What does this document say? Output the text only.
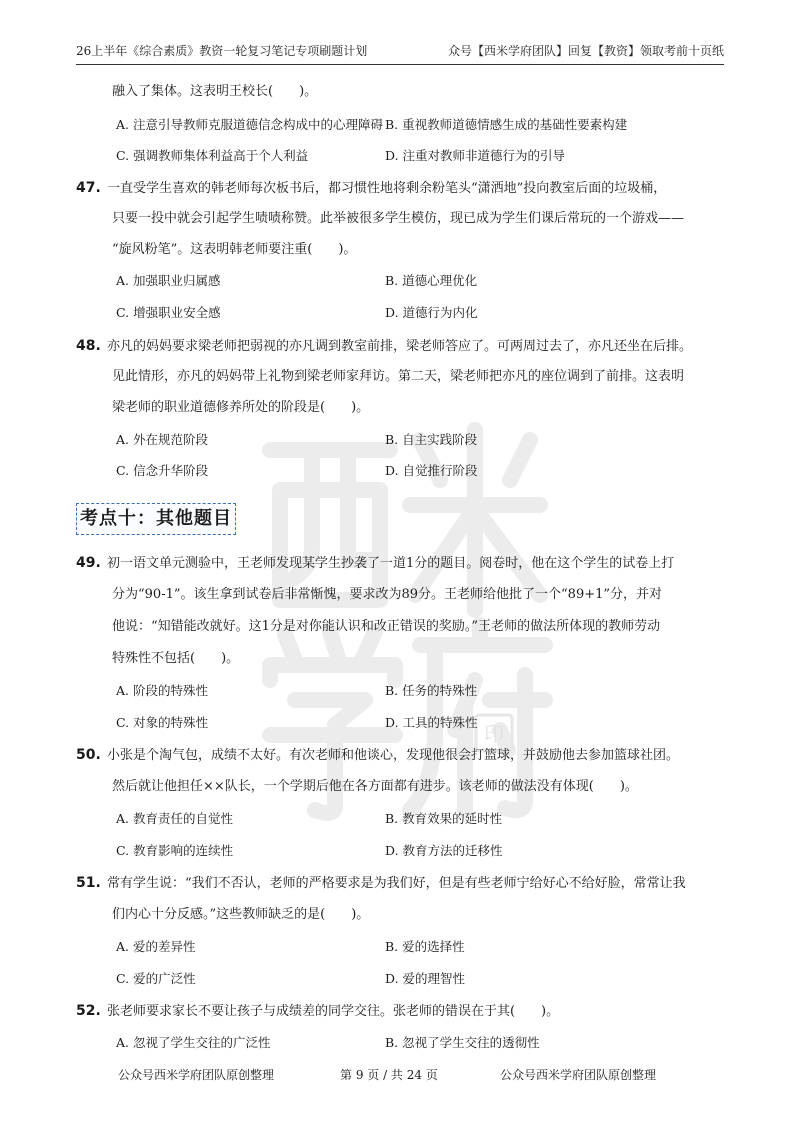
26上半年《综合素质》教资一轮复习笔记专项刷题计划	众号【西米学府团队】回复【教资】领取考前十页纸
印
融入了集体。这表明王校长(　　)。
A. 注意引导教师克服道德信念构成中的心理障碍 B. 重视教师道德情感生成的基础性要素构建
C. 强调教师集体利益高于个人利益	D. 注重对教师非道德行为的引导
47. 一直受学生喜欢的韩老师每次板书后，都习惯性地将剩余粉笔头“潇洒地”投向教室后面的垃圾桶，
只要一投中就会引起学生啧啧称赞。此举被很多学生模仿，现已成为学生们课后常玩的一个游戏——
“旋风粉笔”。这表明韩老师要注重(　　)。
A. 加强职业归属感	B. 道德心理优化
C. 增强职业安全感	D. 道德行为内化
48. 亦凡的妈妈要求梁老师把弱视的亦凡调到教室前排，梁老师答应了。可两周过去了，亦凡还坐在后排。
见此情形，亦凡的妈妈带上礼物到梁老师家拜访。第二天，梁老师把亦凡的座位调到了前排。这表明
梁老师的职业道德修养所处的阶段是(　　)。
A. 外在规范阶段	B. 自主实践阶段
C. 信念升华阶段	D. 自觉推行阶段
考点十：其他题目
49. 初一语文单元测验中，王老师发现某学生抄袭了一道1分的题目。阅卷时，他在这个学生的试卷上打
分为“90-1”。该生拿到试卷后非常惭愧，要求改为89分。王老师给他批了一个“89+1”分，并对
他说：“知错能改就好。这1分是对你能认识和改正错误的奖励。”王老师的做法所体现的教师劳动
特殊性不包括(　　)。
A. 阶段的特殊性	B. 任务的特殊性
C. 对象的特殊性	D. 工具的特殊性
50. 小张是个淘气包，成绩不太好。有次老师和他谈心，发现他很会打篮球，并鼓励他去参加篮球社团。
然后就让他担任××队长，一个学期后他在各方面都有进步。该老师的做法没有体现(　　)。
A. 教育责任的自觉性	B. 教育效果的延时性
C. 教育影响的连续性	D. 教育方法的迁移性
51. 常有学生说：“我们不否认，老师的严格要求是为我们好，但是有些老师宁给好心不给好脸，常常让我
们内心十分反感。”这些教师缺乏的是(　　)。
A. 爱的差异性	B. 爱的选择性
C. 爱的广泛性	D. 爱的理智性
52. 张老师要求家长不要让孩子与成绩差的同学交往。张老师的错误在于其(　　)。
A. 忽视了学生交往的广泛性	B. 忽视了学生交往的透彻性
公众号西米学府团队原创整理	第 9 页 / 共 24 页	公众号西米学府团队原创整理
